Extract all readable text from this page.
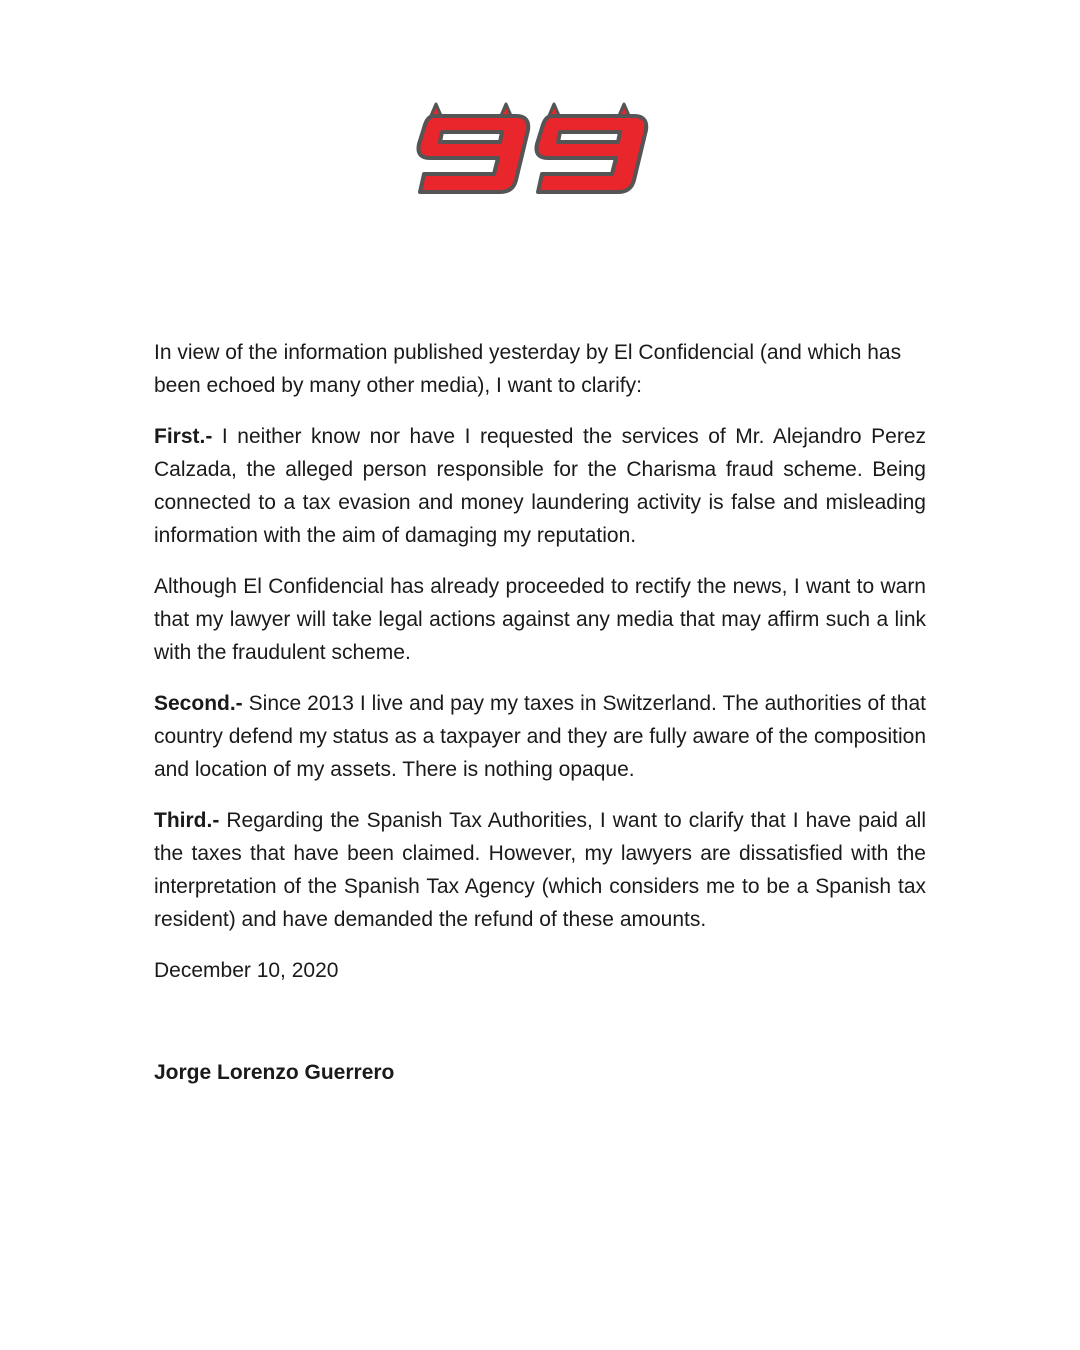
In view of the information published yesterday by El Confidencial (and which has been echoed by many other media), I want to clarify:

First.- I neither know nor have I requested the services of Mr. Alejandro Perez Calzada, the alleged person responsible for the Charisma fraud scheme. Being connected to a tax evasion and money laundering activity is false and misleading information with the aim of damaging my reputation.

Although El Confidencial has already proceeded to rectify the news, I want to warn that my lawyer will take legal actions against any media that may affirm such a link with the fraudulent scheme.

Second.- Since 2013 I live and pay my taxes in Switzerland. The authorities of that country defend my status as a taxpayer and they are fully aware of the composition and location of my assets. There is nothing opaque.

Third.- Regarding the Spanish Tax Authorities, I want to clarify that I have paid all the taxes that have been claimed. However, my lawyers are dissatisfied with the interpretation of the Spanish Tax Agency (which considers me to be a Spanish tax resident) and have demanded the refund of these amounts.

December 10, 2020

Jorge Lorenzo Guerrero
